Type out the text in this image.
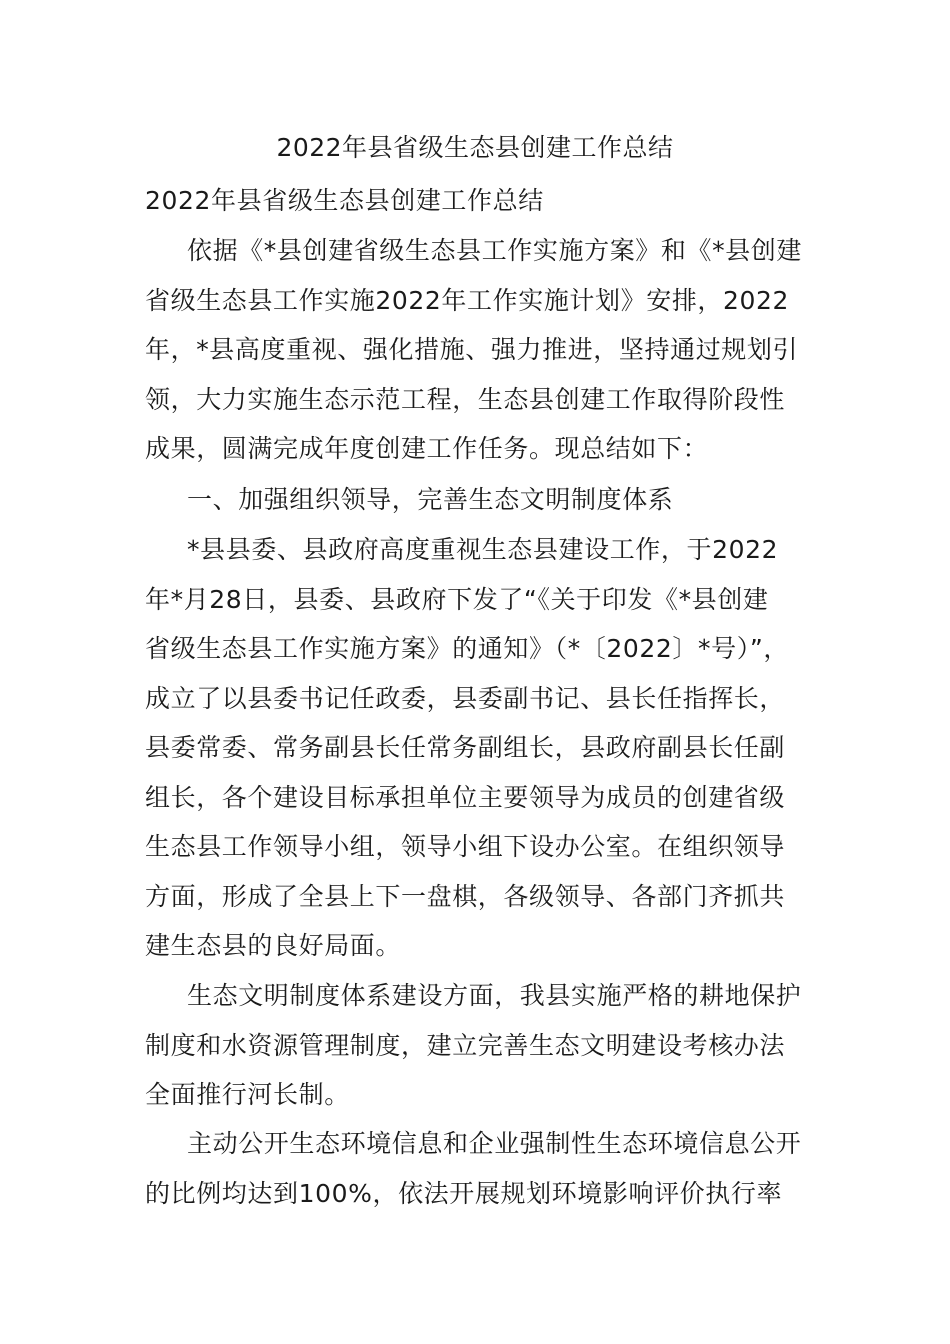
2022年县省级生态县创建工作总结
2022年县省级生态县创建工作总结
依据《*县创建省级生态县工作实施方案》和《*县创建
省级生态县工作实施2022年工作实施计划》安排，2022
年，*县高度重视、强化措施、强力推进，坚持通过规划引
领，大力实施生态示范工程，生态县创建工作取得阶段性
成果，圆满完成年度创建工作任务。现总结如下：
一、加强组织领导，完善生态文明制度体系
*县县委、县政府高度重视生态县建设工作，于2022
年*月28日，县委、县政府下发了“《关于印发《*县创建
省级生态县工作实施方案》的通知》（*〔2022〕*号）”，
成立了以县委书记任政委，县委副书记、县长任指挥长，
县委常委、常务副县长任常务副组长，县政府副县长任副
组长，各个建设目标承担单位主要领导为成员的创建省级
生态县工作领导小组，领导小组下设办公室。在组织领导
方面，形成了全县上下一盘棋，各级领导、各部门齐抓共
建生态县的良好局面。
生态文明制度体系建设方面，我县实施严格的耕地保护
制度和水资源管理制度，建立完善生态文明建设考核办法
全面推行河长制。
主动公开生态环境信息和企业强制性生态环境信息公开
的比例均达到100%，依法开展规划环境影响评价执行率
